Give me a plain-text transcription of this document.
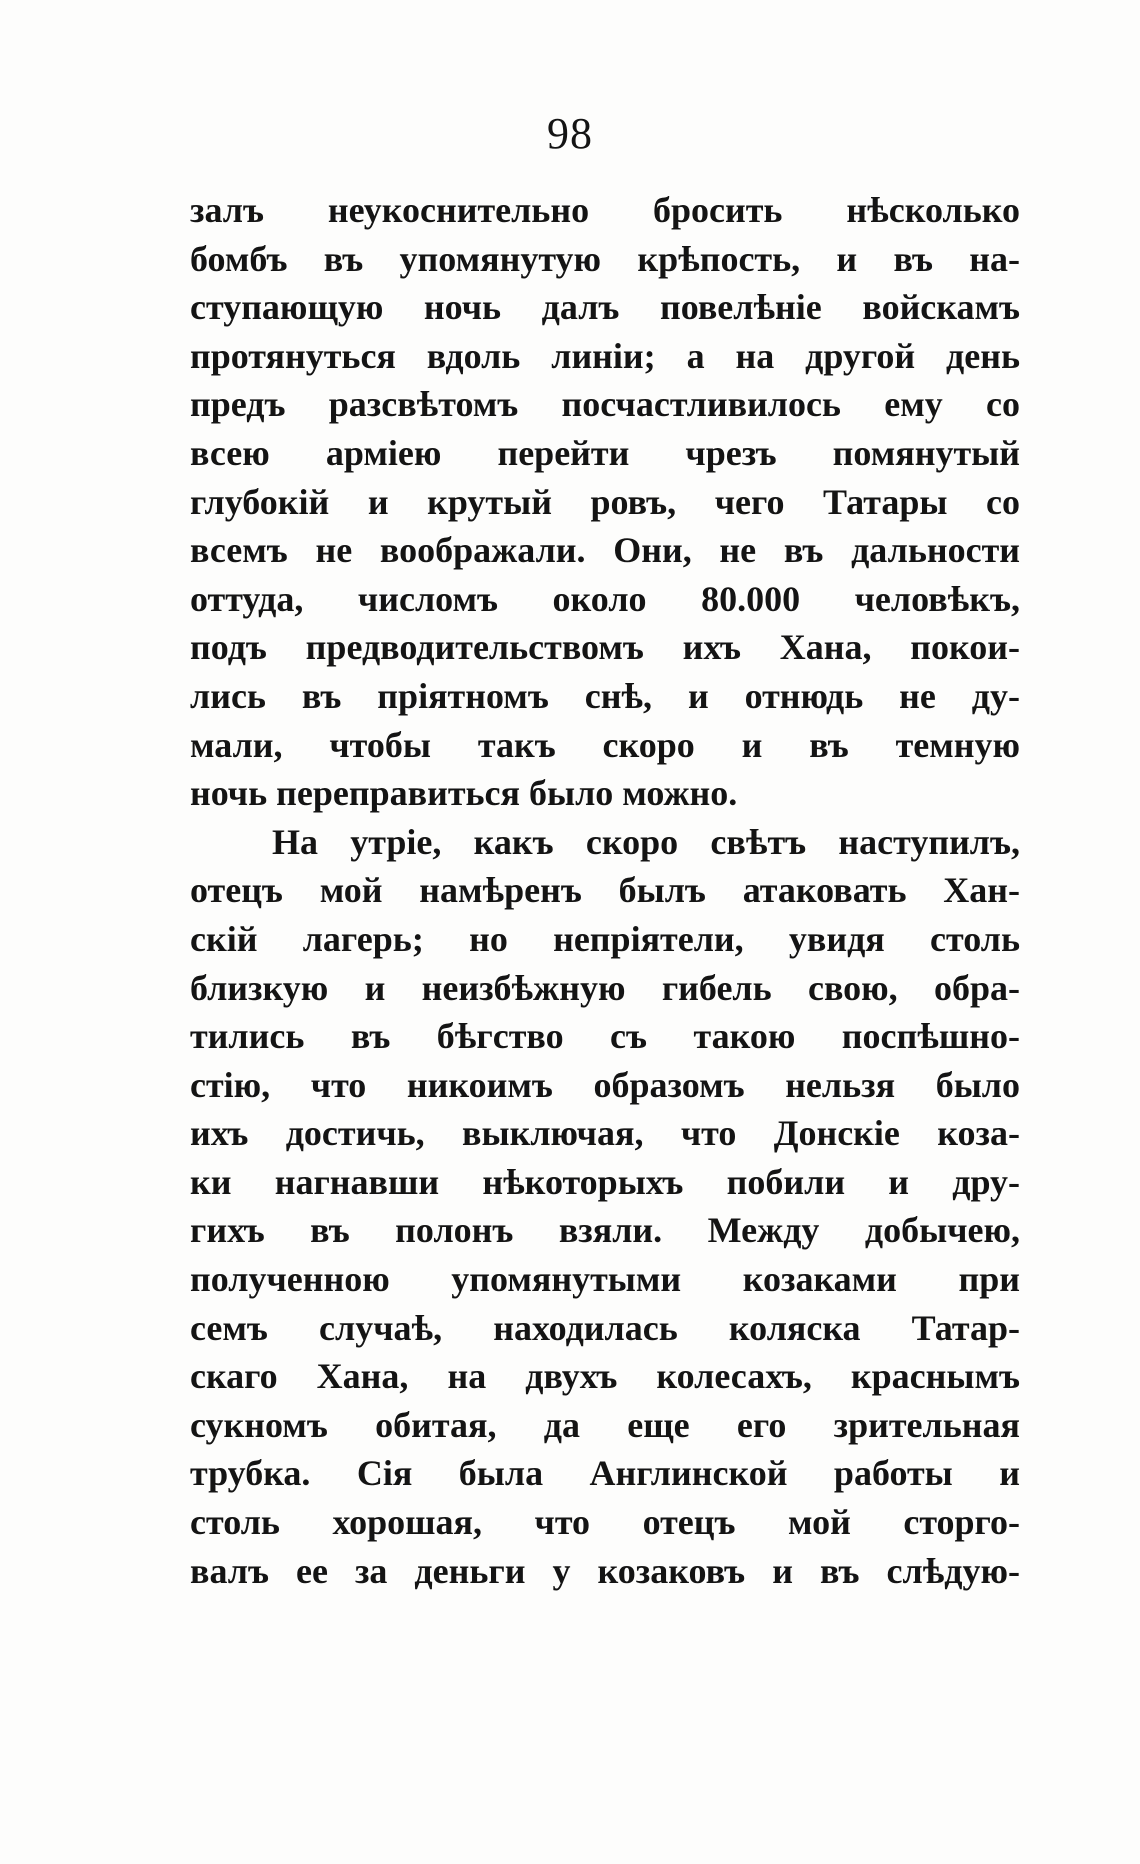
98
залъ неукоснительно бросить нѣсколько
бомбъ въ упомянутую крѣпость, и въ на-
ступающую ночь далъ повелѣніе войскамъ
протянуться вдоль линіи; а на другой день
предъ разсвѣтомъ посчастливилось ему со
всею арміею перейти чрезъ помянутый
глубокій и крутый ровъ, чего Татары со
всемъ не воображали. Они, не въ дальности
оттуда, числомъ около 80.000 человѣкъ,
подъ предводительствомъ ихъ Хана, покои-
лись въ пріятномъ снѣ, и отнюдь не ду-
мали, чтобы такъ скоро и въ темную
ночь переправиться было можно.
На утріе, какъ скоро свѣтъ наступилъ,
отецъ мой намѣренъ былъ атаковать Хан-
скій лагерь; но непріятели, увидя столь
близкую и неизбѣжную гибель свою, обра-
тились въ бѣгство съ такою поспѣшно-
стію, что никоимъ образомъ нельзя было
ихъ достичь, выключая, что Донскіе коза-
ки нагнавши нѣкоторыхъ побили и дру-
гихъ въ полонъ взяли. Между добычею,
полученною упомянутыми козаками при
семъ случаѣ, находилась коляска Татар-
скаго Хана, на двухъ колесахъ, краснымъ
сукномъ обитая, да еще его зрительная
трубка. Сія была Англинской работы и
столь хорошая, что отецъ мой сторго-
валъ ее за деньги у козаковъ и въ слѣдую-
